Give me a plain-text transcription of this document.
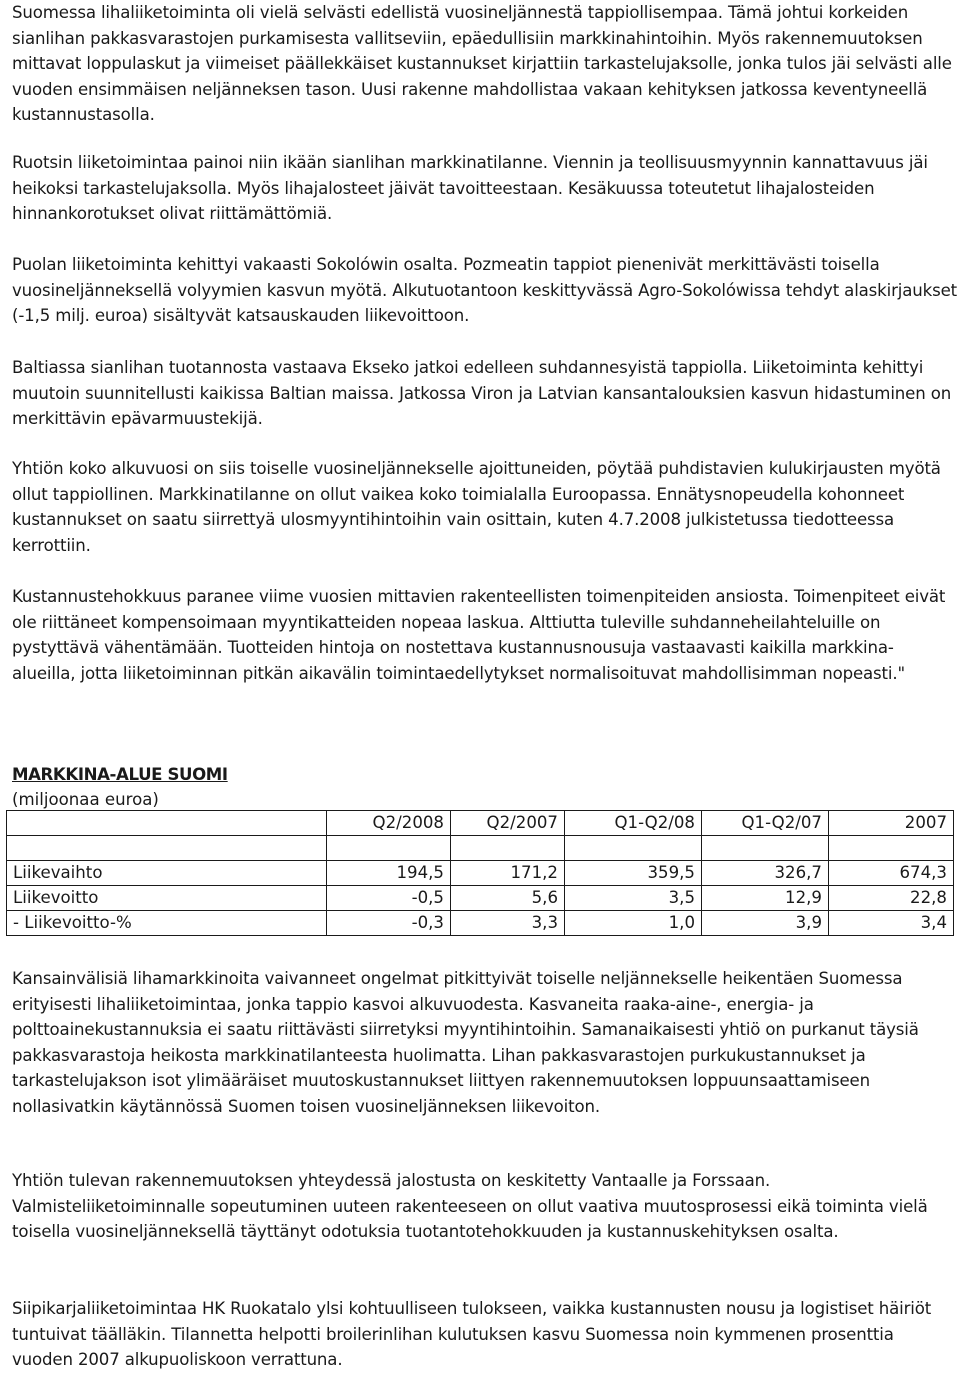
Suomessa lihaliiketoiminta oli vielä selvästi edellistä vuosineljännestä tappiollisempaa. Tämä johtui korkeiden sianlihan pakkasvarastojen purkamisesta vallitseviin, epäedullisiin markkinahintoihin. Myös rakennemuutoksen mittavat loppulaskut ja viimeiset päällekkäiset kustannukset kirjattiin tarkastelujaksolle, jonka tulos jäi selvästi alle vuoden ensimmäisen neljänneksen tason. Uusi rakenne mahdollistaa vakaan kehityksen jatkossa keventyneellä kustannustasolla.

Ruotsin liiketoimintaa painoi niin ikään sianlihan markkinatilanne. Viennin ja teollisuusmyynnin kannattavuus jäi heikoksi tarkastelujaksolla. Myös lihajalosteet jäivät tavoitteestaan. Kesäkuussa toteutetut lihajalosteiden hinnankorotukset olivat riittämättömiä.

Puolan liiketoiminta kehittyi vakaasti Sokolówin osalta. Pozmeatin tappiot pienenivät merkittävästi toisella vuosineljänneksellä volyymien kasvun myötä. Alkutuotantoon keskittyvässä Agro-Sokolówissa tehdyt alaskirjaukset (-1,5 milj. euroa) sisältyvät katsauskauden liikevoittoon.

Baltiassa sianlihan tuotannosta vastaava Ekseko jatkoi edelleen suhdannesyistä tappiolla. Liiketoiminta kehittyi muutoin suunnitellusti kaikissa Baltian maissa. Jatkossa Viron ja Latvian kansantalouksien kasvun hidastuminen on merkittävin epävarmuustekijä.

Yhtiön koko alkuvuosi on siis toiselle vuosineljännekselle ajoittuneiden, pöytää puhdistavien kulukirjausten myötä ollut tappiollinen. Markkinatilanne on ollut vaikea koko toimialalla Euroopassa. Ennätysnopeudella kohonneet kustannukset on saatu siirrettyä ulosmyyntihintoihin vain osittain, kuten 4.7.2008 julkistetussa tiedotteessa kerrottiin.

Kustannustehokkuus paranee viime vuosien mittavien rakenteellisten toimenpiteiden ansiosta. Toimenpiteet eivät ole riittäneet kompensoimaan myyntikatteiden nopeaa laskua. Alttiutta tuleville suhdanneheilahteluille on pystyttävä vähentämään. Tuotteiden hintoja on nostettava kustannusnousuja vastaavasti kaikilla markkina-alueilla, jotta liiketoiminnan pitkän aikavälin toimintaedellytykset normalisoituvat mahdollisimman nopeasti."

MARKKINA-ALUE SUOMI

(miljoonaa euroa)

	Q2/2008	Q2/2007	Q1-Q2/08	Q1-Q2/07	2007

Liikevaihto	194,5	171,2	359,5	326,7	674,3
Liikevoitto	-0,5	5,6	3,5	12,9	22,8
- Liikevoitto-%	-0,3	3,3	1,0	3,9	3,4

Kansainvälisiä lihamarkkinoita vaivanneet ongelmat pitkittyivät toiselle neljännekselle heikentäen Suomessa erityisesti lihaliiketoimintaa, jonka tappio kasvoi alkuvuodesta. Kasvaneita raaka-aine-, energia- ja polttoainekustannuksia ei saatu riittävästi siirretyksi myyntihintoihin. Samanaikaisesti yhtiö on purkanut täysiä pakkasvarastoja heikosta markkinatilanteesta huolimatta. Lihan pakkasvarastojen purkukustannukset ja tarkastelujakson isot ylimääräiset muutoskustannukset liittyen rakennemuutoksen loppuunsaattamiseen nollasivatkin käytännössä Suomen toisen vuosineljänneksen liikevoiton.

Yhtiön tulevan rakennemuutoksen yhteydessä jalostusta on keskitetty Vantaalle ja Forssaan. Valmisteliiketoiminnalle sopeutuminen uuteen rakenteeseen on ollut vaativa muutosprosessi eikä toiminta vielä toisella vuosineljänneksellä täyttänyt odotuksia tuotantotehokkuuden ja kustannuskehityksen osalta.

Siipikarjaliiketoimintaa HK Ruokatalo ylsi kohtuulliseen tulokseen, vaikka kustannusten nousu ja logistiset häiriöt tuntuivat täälläkin. Tilannetta helpotti broilerinlihan kulutuksen kasvu Suomessa noin kymmenen prosenttia vuoden 2007 alkupuoliskoon verrattuna.
